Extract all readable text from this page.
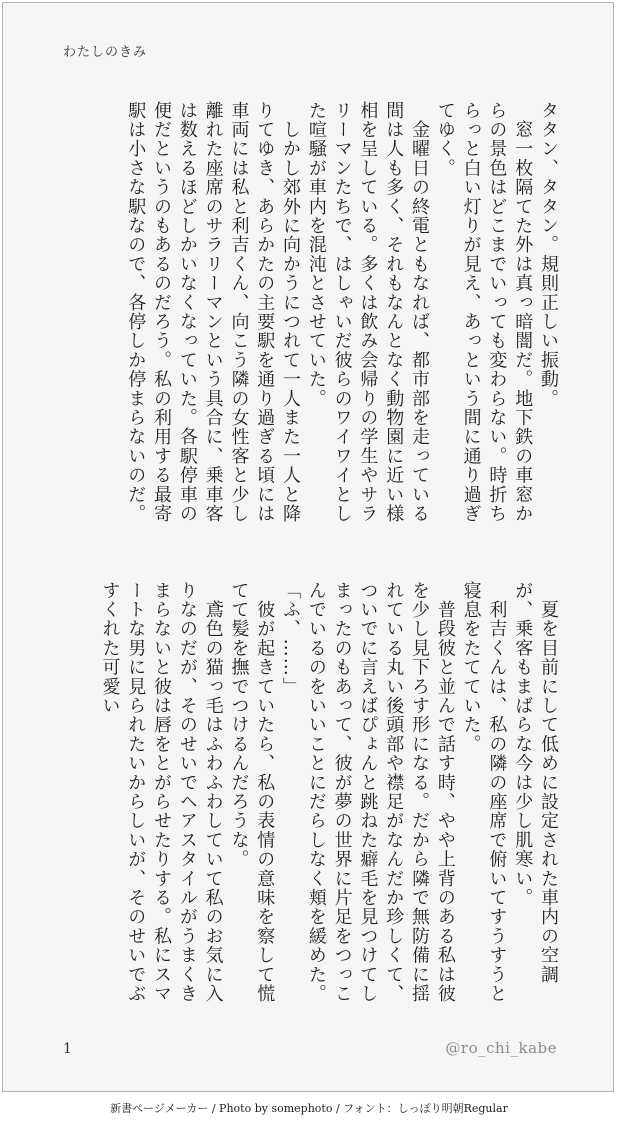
わたしのきみ

タタン、タタン。規則正しい振動。

　窓一枚隔てた外は真っ暗闇だ。地下鉄の車窓からの景色はどこまでいっても変わらない。時折ちらっと白い灯りが見え、あっという間に通り過ぎてゆく。

　金曜日の終電ともなれば、都市部を走っている間は人も多く、それもなんとなく動物園に近い様相を呈している。多くは飲み会帰りの学生やサラリーマンたちで、はしゃいだ彼らのワイワイとした喧騒が車内を混沌とさせていた。

　しかし郊外に向かうにつれて一人また一人と降りてゆき、あらかたの主要駅を通り過ぎる頃には車両には私と利吉くん、向こう隣の女性客と少し離れた座席のサラリーマンという具合に、乗車客は数えるほどしかいなくなっていた。各駅停車の便だというのもあるのだろう。私の利用する最寄駅は小さな駅なので、各停しか停まらないのだ。

　夏を目前にして低めに設定された車内の空調が、乗客もまばらな今は少し肌寒い。

　利吉くんは、私の隣の座席で俯いてすうすうと寝息をたてていた。

　普段彼と並んで話す時、やや上背のある私は彼を少し見下ろす形になる。だから隣で無防備に揺れている丸い後頭部や襟足がなんだか珍しくて、ついでに言えばぴょんと跳ねた癖毛を見つけてしまったのもあって、彼が夢の世界に片足をつっこんでいるのをいいことにだらしなく頬を緩めた。

「ふ、……」

　彼が起きていたら、私の表情の意味を察して慌てて髪を撫でつけるんだろうな。

　鳶色の猫っ毛はふわふわしていて私のお気に入りなのだが、そのせいでヘアスタイルがうまくきまらないと彼は唇をとがらせたりする。私にスマートな男に見られたいからしいが、そのせいでぶすくれた可愛い

1	@ro_chi_kabe
新書ページメーカー / Photo by somephoto / フォント：しっぽり明朝Regular
